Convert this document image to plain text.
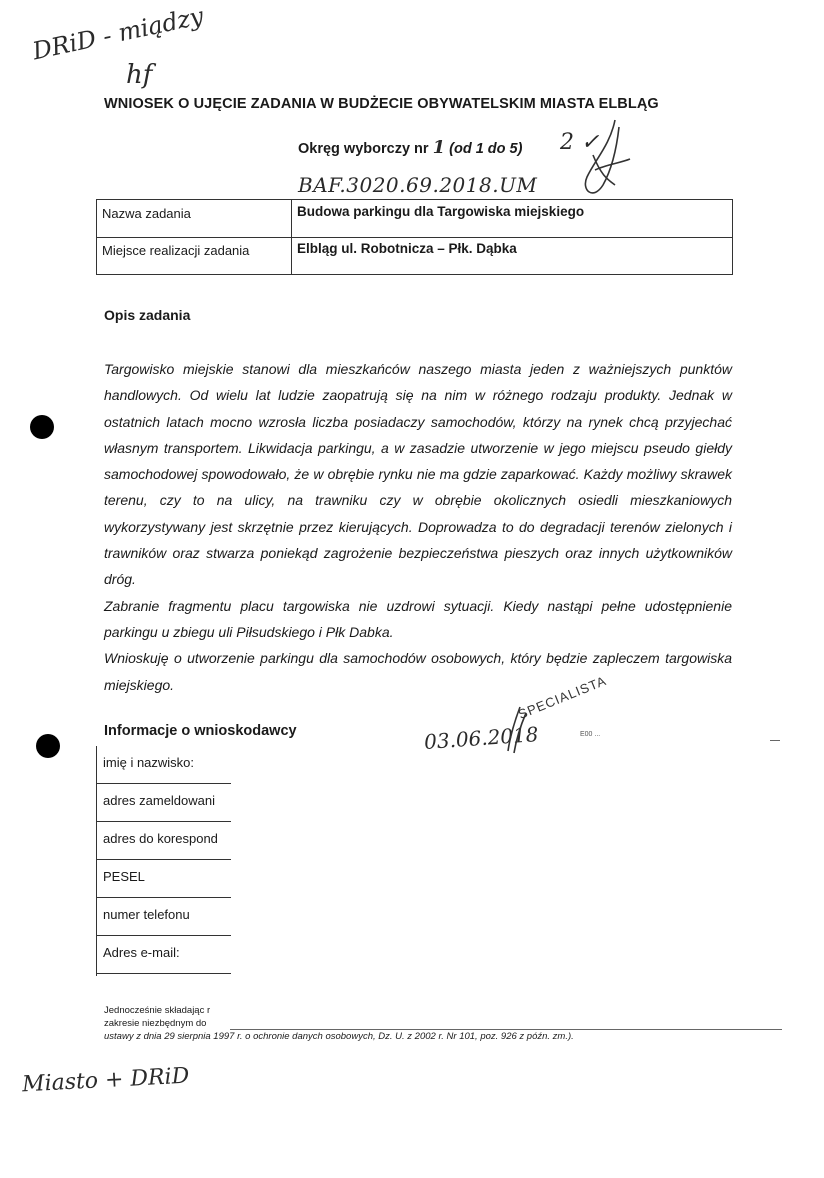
DRiD - miądzy
hf
WNIOSEK O UJĘCIE ZADANIA W BUDŻECIE OBYWATELSKIM MIASTA ELBLĄG
Okręg wyborczy nr 1 (od 1 do 5) 2 ✓
BAF.3020.69.2018.UM
Nazwa zadania	Budowa parkingu dla Targowiska miejskiego
Miejsce realizacji zadania	Elbląg ul. Robotnicza – Płk. Dąbka
Opis zadania

Targowisko miejskie stanowi dla mieszkańców naszego miasta jeden z ważniejszych punktów handlowych. Od wielu lat ludzie zaopatrują się na nim w różnego rodzaju produkty. Jednak w ostatnich latach mocno wzrosła liczba posiadaczy samochodów, którzy na rynek chcą przyjechać własnym transportem. Likwidacja parkingu, a w zasadzie utworzenie w jego miejscu pseudo giełdy samochodowej spowodowało, że w obrębie rynku nie ma gdzie zaparkować. Każdy możliwy skrawek terenu, czy to na ulicy, na trawniku czy w obrębie okolicznych osiedli mieszkaniowych wykorzystywany jest skrzętnie przez kierujących. Doprowadza to do degradacji terenów zielonych i trawników oraz stwarza poniekąd zagrożenie bezpieczeństwa pieszych oraz innych użytkowników dróg.

Zabranie fragmentu placu targowiska nie uzdrowi sytuacji. Kiedy nastąpi pełne udostępnienie parkingu u zbiegu uli Piłsudskiego i Płk Dabka.

Wnioskuję o utworzenie parkingu dla samochodów osobowych, który będzie zapleczem targowiska miejskiego.

Informacje o wnioskodawcy	03.06.2018
SPECIALISTA
E00 ...
imię i nazwisko:
adres zameldowani
adres do korespond
PESEL
numer telefonu
Adres e-mail:
Jednocześnie składając r
zakresie niezbędnym do
ustawy z dnia 29 sierpnia 1997 r. o ochronie danych osobowych, Dz. U. z 2002 r. Nr 101, poz. 926 z późn. zm.).
Miasto + DRiD
